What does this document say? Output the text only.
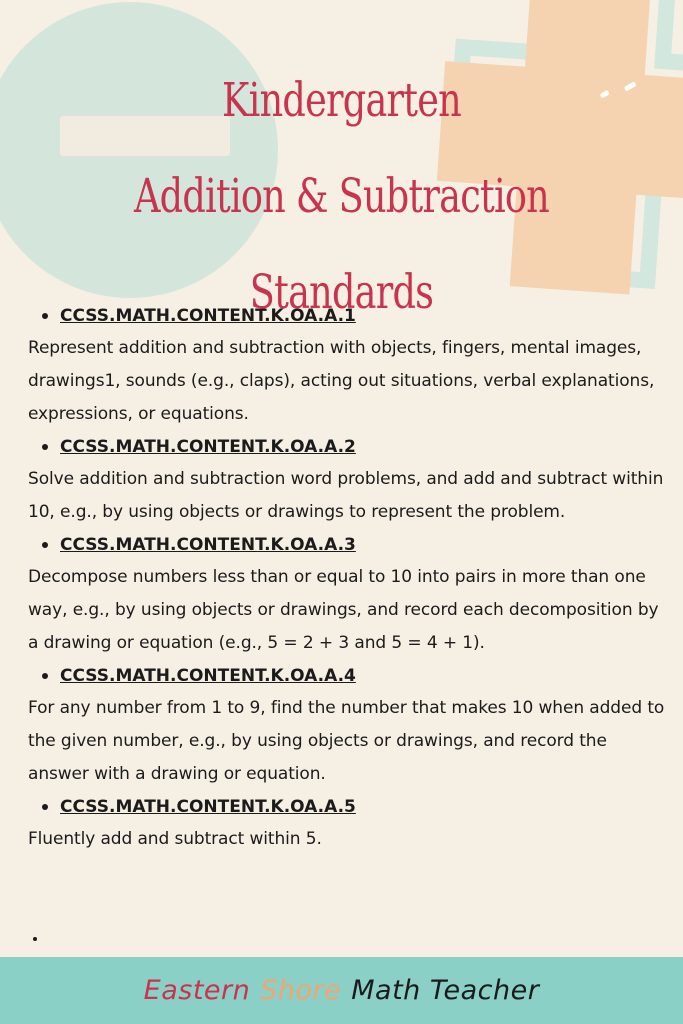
Kindergarten
Addition & Subtraction
Standards
CCSS.MATH.CONTENT.K.OA.A.1

Represent addition and subtraction with objects, fingers, mental images, drawings1, sounds (e.g., claps), acting out situations, verbal explanations, expressions, or equations.

CCSS.MATH.CONTENT.K.OA.A.2

Solve addition and subtraction word problems, and add and subtract within 10, e.g., by using objects or drawings to represent the problem.

CCSS.MATH.CONTENT.K.OA.A.3

Decompose numbers less than or equal to 10 into pairs in more than one way, e.g., by using objects or drawings, and record each decomposition by a drawing or equation (e.g., 5 = 2 + 3 and 5 = 4 + 1).

CCSS.MATH.CONTENT.K.OA.A.4

For any number from 1 to 9, find the number that makes 10 when added to the given number, e.g., by using objects or drawings, and record the answer with a drawing or equation.

CCSS.MATH.CONTENT.K.OA.A.5

Fluently add and subtract within 5.

Eastern Shore Math Teacher
